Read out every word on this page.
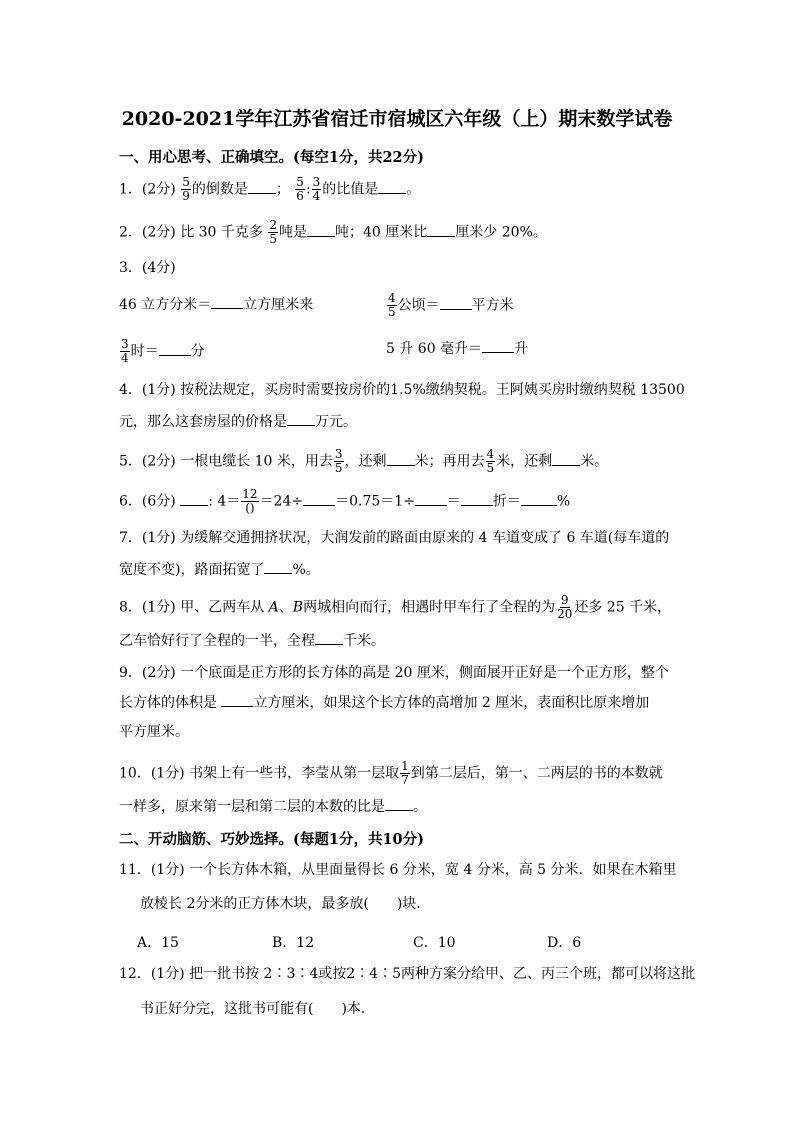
2020-2021学年江苏省宿迁市宿城区六年级（上）期末数学试卷
一、用心思考、正确填空。(每空1分，共22分)
1．(2分) $\frac{5}{9}$ 的倒数是 ； $\frac{5}{6}$ : $\frac{3}{4}$ 的比值是 。
2．(2分) 比 30 千克多 $\frac{2}{5}$ 吨是 吨；40 厘米比 厘米少 20%。
3．(4分)
46 立方分米＝ 立方厘米来	$\frac{4}{5}$ 公顷＝ 平方米
$\frac{3}{4}$ 时＝ 分	5 升 60 毫升＝ 升
4．(1分) 按税法规定，买房时需要按房价的1.5%缴纳契税。王阿姨买房时缴纳契税 13500
元，那么这套房屋的价格是 万元。
5．(2分) 一根电缆长 10 米，用去 $\frac{3}{5}$ ，还剩 米；再用去 $\frac{4}{5}$ 米，还剩 米。
6．(6分) : $4= \frac{12}{()} =24\div =0.75=1\div$ ＝ 折＝	%
7．(1分) 为缓解交通拥挤状况，大润发前的路面由原来的 4 车道变成了 6 车道(每车道的
宽度不变)，路面拓宽了 %。
8．(1分) 甲、乙两车从 A、B两城相向而行，相遇时甲车行了全程的为 $\frac{9}{20}$ 还多 25 千米，
乙车恰好行了全程的一半，全程 千米。
9．(2分) 一个底面是正方形的长方体的高是 20 厘米，侧面展开正好是一个正方形，整个
长方体的体积是	立方厘米，如果这个长方体的高增加 2 厘米，表面积比原来增加
平方厘米。
10．(1分) 书架上有一些书，李莹从第一层取 $\frac{1}{7}$ 到第二层后，第一、二两层的书的本数就
一样多，原来第一层和第二层的本数的比是 。
二、开动脑筋、巧妙选择。(每题1分，共10分)
11．(1分) 一个长方体木箱，从里面量得长 6 分米，宽 4 分米，高 5 分米．如果在木箱里
放棱长 2分米的正方体木块，最多放(　　)块．
A．15	B．12	C．10	D．6
12．(1分) 把一批书按 2∶3∶4或按2∶4∶5两种方案分给甲、乙、丙三个班，都可以将这批
书正好分完，这批书可能有(　　)本．
